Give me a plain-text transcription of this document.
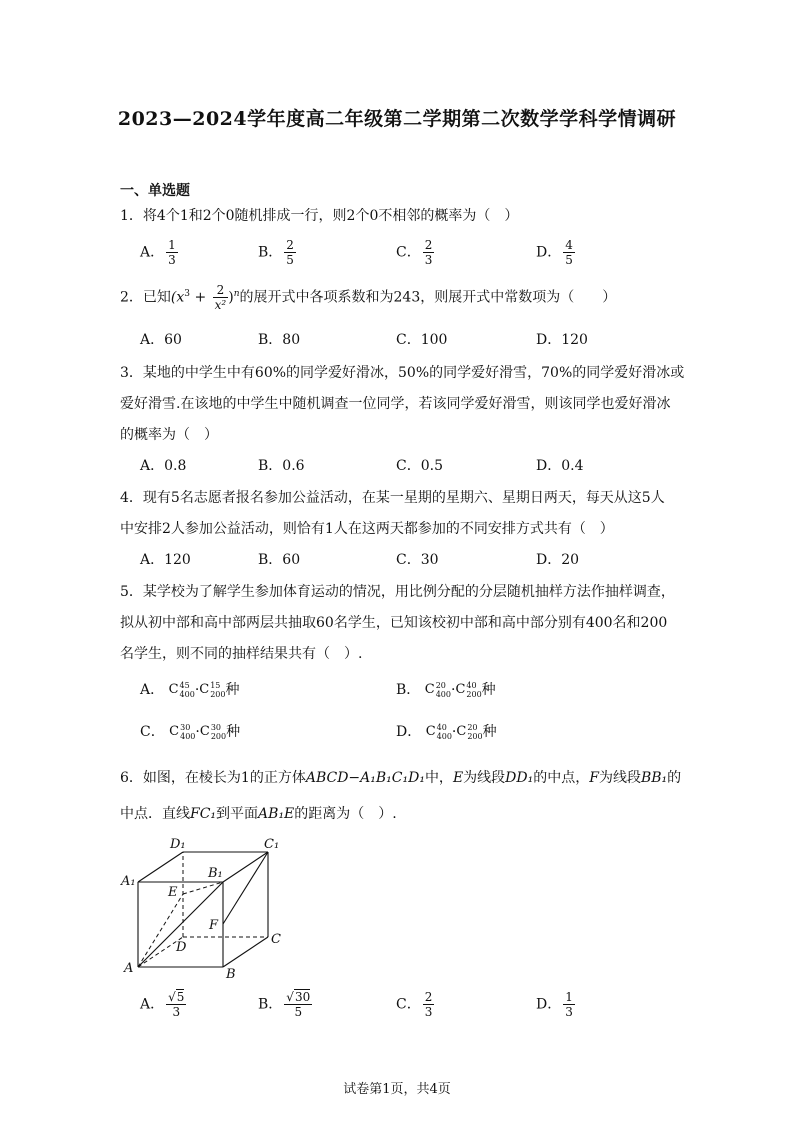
2023—2024学年度高二年级第二学期第二次数学学科学情调研
一、单选题
1．将4个1和2个0随机排成一行，则2个0不相邻的概率为（　）
A． $\frac{1}{3}$	B． $\frac{2}{5}$	C． $\frac{2}{3}$	D． $\frac{4}{5}$
2．已知$(x^3 + \frac{2}{\text{x²}} )^n$的展开式中各项系数和为243，则展开式中常数项为（　　）
A．60	B．80	C．100	D．120
3．某地的中学生中有60%的同学爱好滑冰，50%的同学爱好滑雪，70%的同学爱好滑冰或
爱好滑雪.在该地的中学生中随机调查一位同学，若该同学爱好滑雪，则该同学也爱好滑冰
的概率为（　）
A．0.8	B．0.6	C．0.5	D．0.4
4．现有5名志愿者报名参加公益活动，在某一星期的星期六、星期日两天，每天从这5人
中安排2人参加公益活动，则恰有1人在这两天都参加的不同安排方式共有（　）
A．120	B．60	C．30	D．20
5．某学校为了解学生参加体育运动的情况，用比例分配的分层随机抽样方法作抽样调查，
拟从初中部和高中部两层共抽取60名学生，已知该校初中部和高中部分别有400名和200
名学生，则不同的抽样结果共有（　）.
A． C 45
400 ·C 15
200 种	B． C 20
400 ·C 40
200 种
C． C 30
400 ·C 30
200 种	D． C 40
400 ·C 20
200 种
6．如图，在棱长为1的正方体ABCD−A₁B₁C₁D₁中，E为线段DD₁的中点，F为线段BB₁的
中点．直线FC₁到平面AB₁E的距离为（　）.
D₁	C₁
A₁
B₁
E
F
D
C
A	B
A． $\frac{√5}{3}$	B． $\frac{√30}{5}$	C． $\frac{2}{3}$	D． $\frac{1}{3}$
试卷第1页，共4页
